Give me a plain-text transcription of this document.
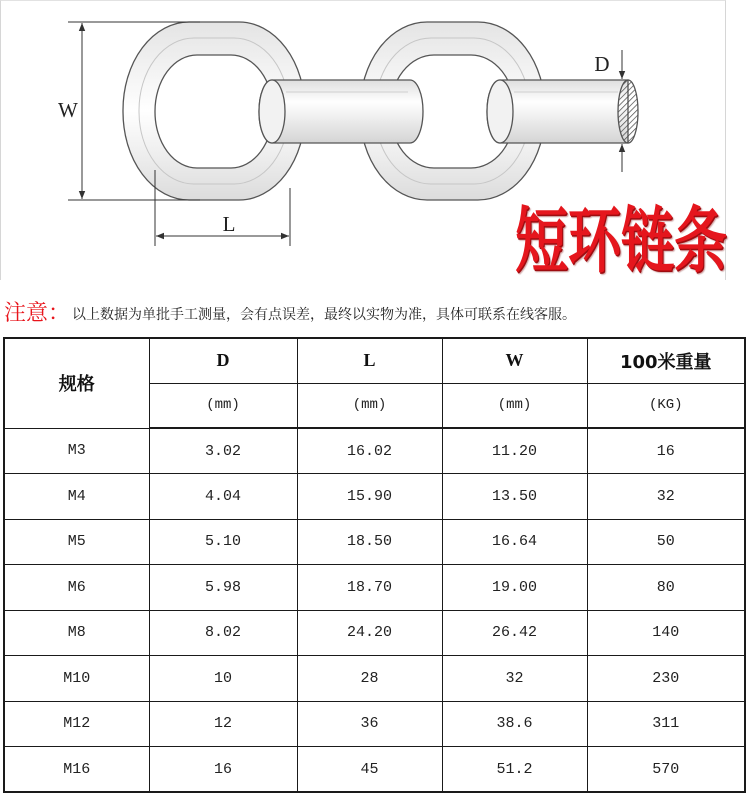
W
L
D
短环链条
注意： 以上数据为单批手工测量，会有点误差，最终以实物为准，具体可联系在线客服。
规格	D	L	W	100米重量
	(mm)	(mm)	(mm)	(KG)
M3	3.02	16.02	11.20	16
M4	4.04	15.90	13.50	32
M5	5.10	18.50	16.64	50
M6	5.98	18.70	19.00	80
M8	8.02	24.20	26.42	140
M10	10	28	32	230
M12	12	36	38.6	311
M16	16	45	51.2	570
